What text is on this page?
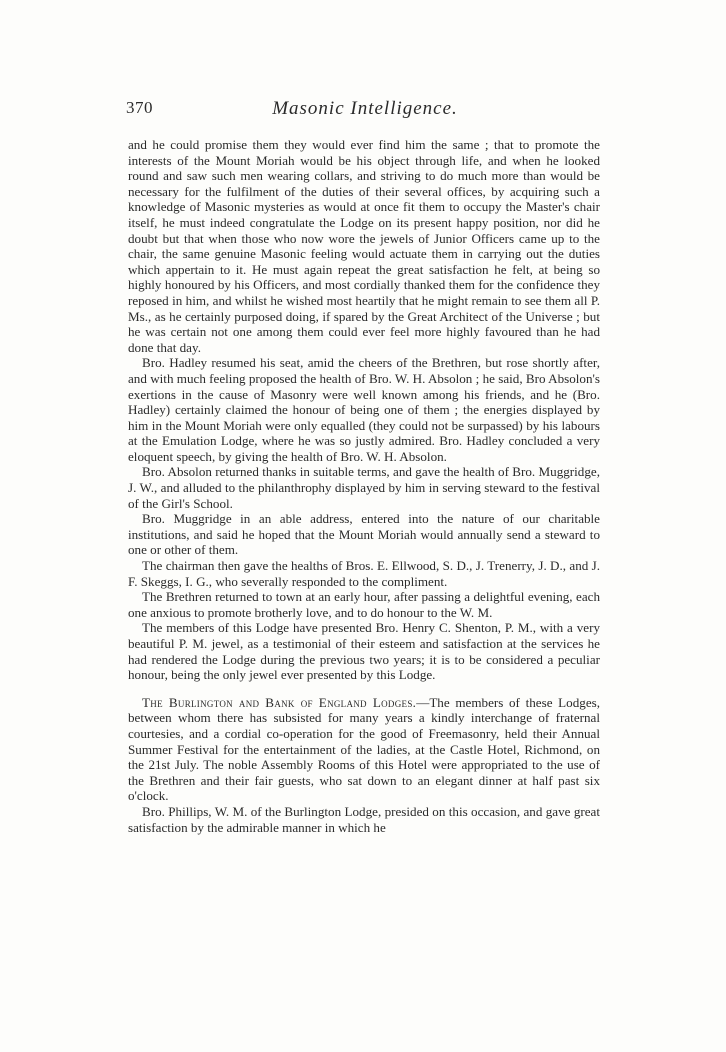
370	Masonic Intelligence.

and he could promise them they would ever find him the same ; that to promote the interests of the Mount Moriah would be his object through life, and when he looked round and saw such men wearing collars, and striving to do much more than would be necessary for the fulfilment of the duties of their several offices, by acquiring such a knowledge of Masonic mysteries as would at once fit them to occupy the Master's chair itself, he must indeed congratulate the Lodge on its present happy position, nor did he doubt but that when those who now wore the jewels of Junior Officers came up to the chair, the same genuine Masonic feeling would actuate them in carrying out the duties which appertain to it. He must again repeat the great satisfaction he felt, at being so highly honoured by his Officers, and most cordially thanked them for the confidence they reposed in him, and whilst he wished most heartily that he might remain to see them all P. Ms., as he certainly purposed doing, if spared by the Great Architect of the Universe ; but he was certain not one among them could ever feel more highly favoured than he had done that day.

Bro. Hadley resumed his seat, amid the cheers of the Brethren, but rose shortly after, and with much feeling proposed the health of Bro. W. H. Absolon ; he said, Bro Absolon's exertions in the cause of Masonry were well known among his friends, and he (Bro. Hadley) certainly claimed the honour of being one of them ; the energies displayed by him in the Mount Moriah were only equalled (they could not be surpassed) by his labours at the Emulation Lodge, where he was so justly admired. Bro. Hadley concluded a very eloquent speech, by giving the health of Bro. W. H. Absolon.

Bro. Absolon returned thanks in suitable terms, and gave the health of Bro. Muggridge, J. W., and alluded to the philanthrophy displayed by him in serving steward to the festival of the Girl's School.

Bro. Muggridge in an able address, entered into the nature of our charitable institutions, and said he hoped that the Mount Moriah would annually send a steward to one or other of them.

The chairman then gave the healths of Bros. E. Ellwood, S. D., J. Trenerry, J. D., and J. F. Skeggs, I. G., who severally responded to the compliment.

The Brethren returned to town at an early hour, after passing a delightful evening, each one anxious to promote brotherly love, and to do honour to the W. M.

The members of this Lodge have presented Bro. Henry C. Shenton, P. M., with a very beautiful P. M. jewel, as a testimonial of their esteem and satisfaction at the services he had rendered the Lodge during the previous two years; it is to be considered a peculiar honour, being the only jewel ever presented by this Lodge.

The Burlington and Bank of England Lodges.—The members of these Lodges, between whom there has subsisted for many years a kindly interchange of fraternal courtesies, and a cordial co-operation for the good of Freemasonry, held their Annual Summer Festival for the entertainment of the ladies, at the Castle Hotel, Richmond, on the 21st July. The noble Assembly Rooms of this Hotel were appropriated to the use of the Brethren and their fair guests, who sat down to an elegant dinner at half past six o'clock.

Bro. Phillips, W. M. of the Burlington Lodge, presided on this occasion, and gave great satisfaction by the admirable manner in which he
